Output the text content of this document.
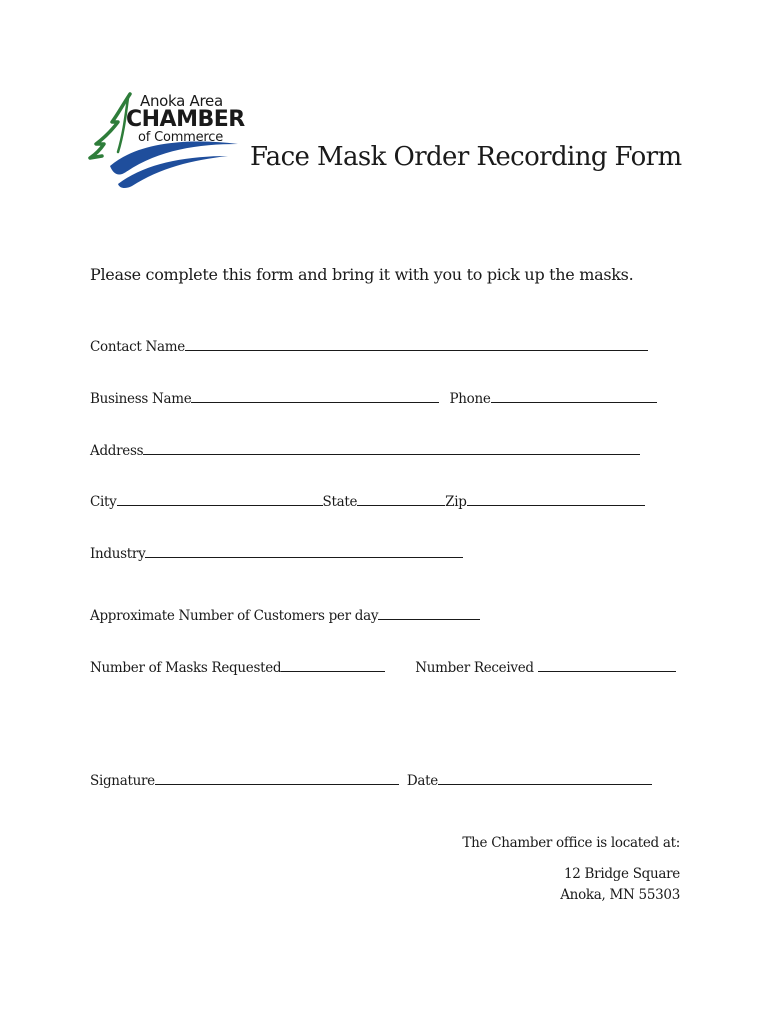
Anoka Area
CHAMBER
of Commerce
Face Mask Order Recording Form
Please complete this form and bring it with you to pick up the masks.
Contact Name
Business Name	Phone
Address
City	State	Zip
Industry
Approximate Number of Customers per day
Number of Masks Requested	Number Received
Signature	Date
The Chamber office is located at:
12 Bridge Square
Anoka, MN 55303
